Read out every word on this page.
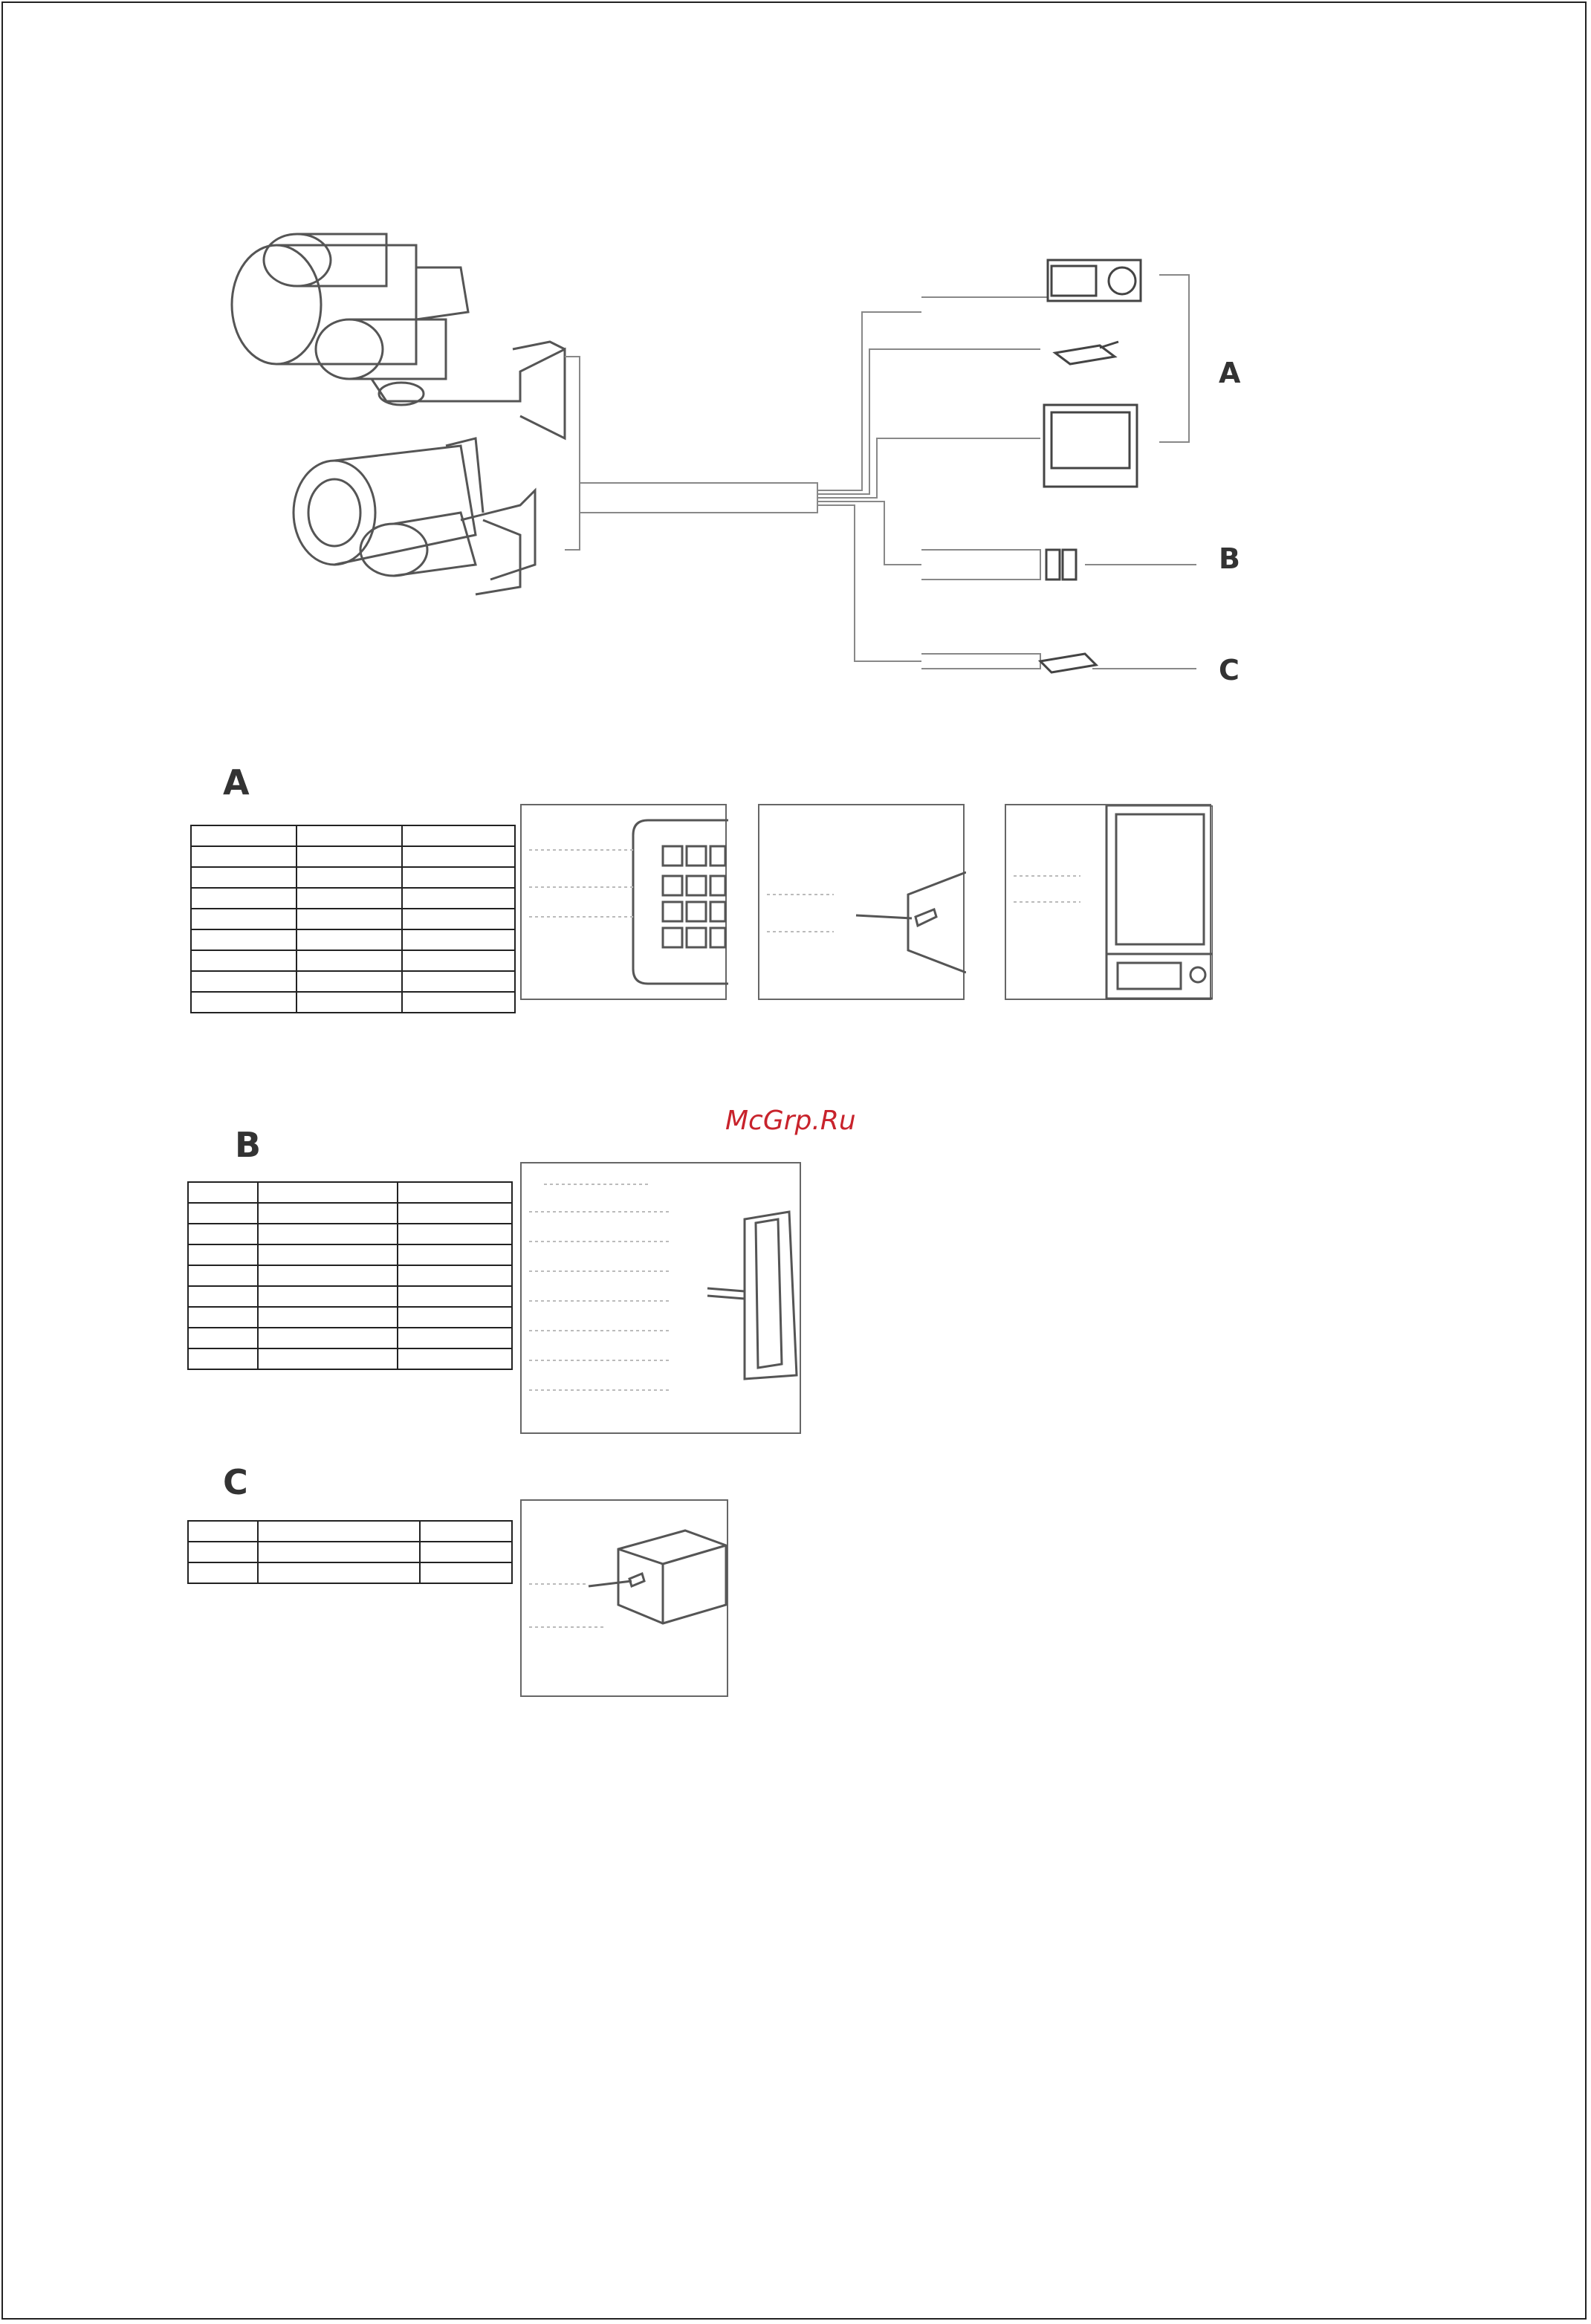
A
B
C
A

B

C

McGrp.Ru
